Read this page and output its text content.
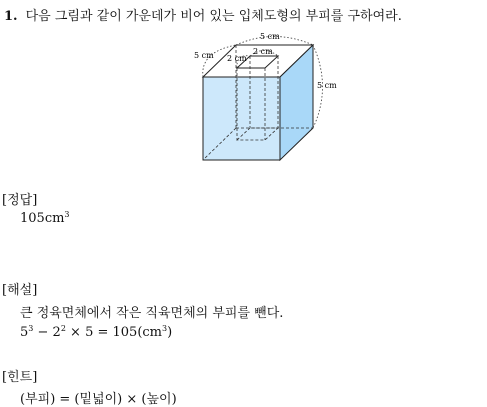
1. 다음 그림과 같이 가운데가 비어 있는 입체도형의 부피를 구하여라.
5 cm
5 cm	2 cm
2 cm
5 cm
[정답]
$105cm^3$
[해설]
큰 정육면체에서 작은 직육면체의 부피를 뺀다.
$5^3 - 2^2 \times 5 = 105(cm^3)$
[힌트]
(부피) = (밑넓이) × (높이)
